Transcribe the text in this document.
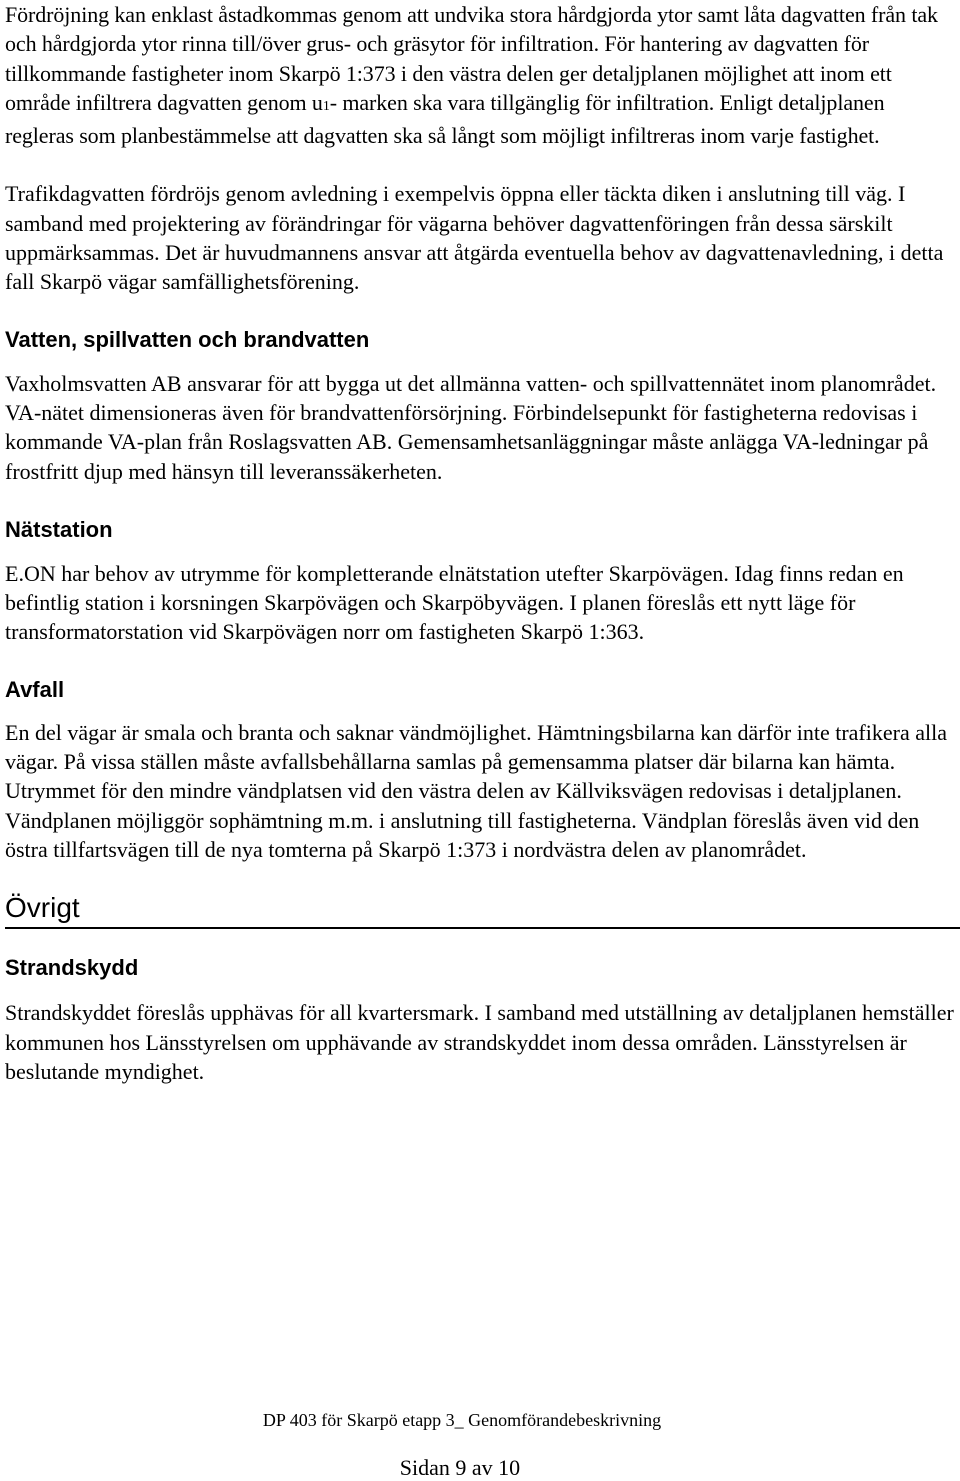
Fördröjning kan enklast åstadkommas genom att undvika stora hårdgjorda ytor samt låta dagvatten från tak och hårdgjorda ytor rinna till/över grus- och gräsytor för infiltration. För hantering av dagvatten för tillkommande fastigheter inom Skarpö 1:373 i den västra delen ger detaljplanen möjlighet att inom ett område infiltrera dagvatten genom u1- marken ska vara tillgänglig för infiltration. Enligt detaljplanen regleras som planbestämmelse att dagvatten ska så långt som möjligt infiltreras inom varje fastighet.

Trafikdagvatten fördröjs genom avledning i exempelvis öppna eller täckta diken i anslutning till väg. I samband med projektering av förändringar för vägarna behöver dagvattenföringen från dessa särskilt uppmärksammas. Det är huvudmannens ansvar att åtgärda eventuella behov av dagvattenavledning, i detta fall Skarpö vägar samfällighetsförening.

Vatten, spillvatten och brandvatten

Vaxholmsvatten AB ansvarar för att bygga ut det allmänna vatten- och spillvattennätet inom planområdet. VA-nätet dimensioneras även för brandvattenförsörjning. Förbindelsepunkt för fastigheterna redovisas i kommande VA-plan från Roslagsvatten AB. Gemensamhetsanläggningar måste anlägga VA-ledningar på frostfritt djup med hänsyn till leveranssäkerheten.

Nätstation

E.ON har behov av utrymme för kompletterande elnätstation utefter Skarpövägen. Idag finns redan en befintlig station i korsningen Skarpövägen och Skarpöbyvägen. I planen föreslås ett nytt läge för transformatorstation vid Skarpövägen norr om fastigheten Skarpö 1:363.

Avfall

En del vägar är smala och branta och saknar vändmöjlighet. Hämtningsbilarna kan därför inte trafikera alla vägar. På vissa ställen måste avfallsbehållarna samlas på gemensamma platser där bilarna kan hämta. Utrymmet för den mindre vändplatsen vid den västra delen av Källviksvägen redovisas i detaljplanen. Vändplanen möjliggör sophämtning m.m. i anslutning till fastigheterna. Vändplan föreslås även vid den östra tillfartsvägen till de nya tomterna på Skarpö 1:373 i nordvästra delen av planområdet.

Övrigt
Strandskydd

Strandskyddet föreslås upphävas för all kvartersmark. I samband med utställning av detaljplanen hemställer kommunen hos Länsstyrelsen om upphävande av strandskyddet inom dessa områden. Länsstyrelsen är beslutande myndighet.

DP 403 för Skarpö etapp 3_ Genomförandebeskrivning
Sidan 9 av 10
